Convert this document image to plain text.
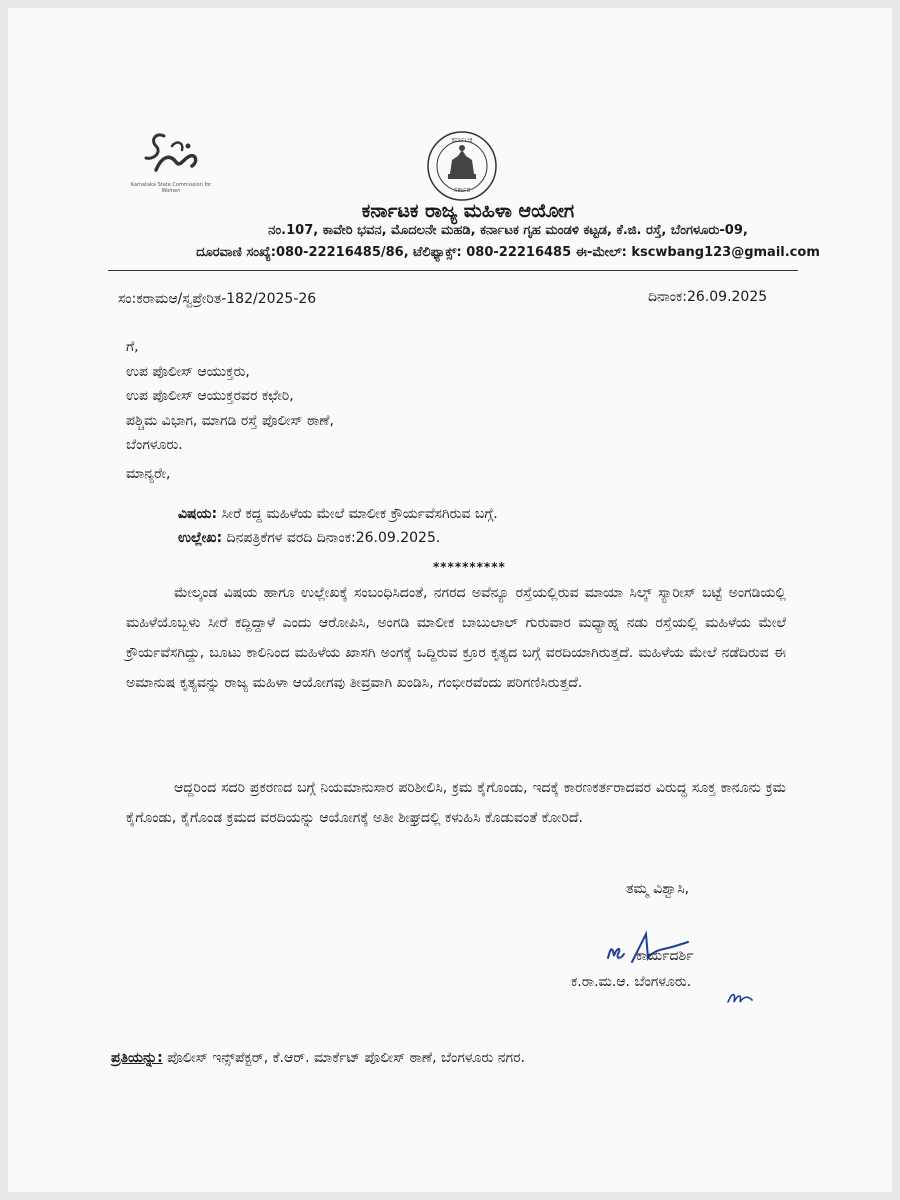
Karnataka State Commission for Women
ಕರ್ನಾಟಕ
ಸರ್ಕಾರ
ಕರ್ನಾಟಕ ರಾಜ್ಯ ಮಹಿಳಾ ಆಯೋಗ
ನಂ.107, ಕಾವೇರಿ ಭವನ, ಮೊದಲನೇ ಮಹಡಿ, ಕರ್ನಾಟಕ ಗೃಹ ಮಂಡಳಿ ಕಟ್ಟಡ, ಕೆ.ಜಿ. ರಸ್ತೆ, ಬೆಂಗಳೂರು-09,
ದೂರವಾಣಿ ಸಂಖ್ಯೆ:080-22216485/86, ಟೆಲಿಫ್ಯಾಕ್ಸ್: 080-22216485 ಈ-ಮೇಲ್: kscwbang123@gmail.com
ಸಂ:ಕರಾಮಆ/ಸ್ವಪ್ರೇರಿತ-182/2025-26	ದಿನಾಂಕ:26.09.2025
ಗೆ,
ಉಪ ಪೊಲೀಸ್ ಆಯುಕ್ತರು,
ಉಪ ಪೊಲೀಸ್ ಆಯುಕ್ತರವರ ಕಛೇರಿ,
ಪಶ್ಚಿಮ ವಿಭಾಗ, ಮಾಗಡಿ ರಸ್ತೆ ಪೊಲೀಸ್ ಠಾಣೆ,
ಬೆಂಗಳೂರು.
ಮಾನ್ಯರೇ,
ವಿಷಯ: ಸೀರೆ ಕದ್ದ ಮಹಿಳೆಯ ಮೇಲೆ ಮಾಲೀಕ ಕ್ರೌರ್ಯವೆಸಗಿರುವ ಬಗ್ಗೆ.
ಉಲ್ಲೇಖ: ದಿನಪತ್ರಿಕೆಗಳ ವರದಿ ದಿನಾಂಕ:26.09.2025.
**********

ಮೇಲ್ಕಂಡ ವಿಷಯ ಹಾಗೂ ಉಲ್ಲೇಖಕ್ಕೆ ಸಂಬಂಧಿಸಿದಂತೆ, ನಗರದ ಅವೆನ್ಯೂ ರಸ್ತೆಯಲ್ಲಿರುವ ಮಾಯಾ ಸಿಲ್ಕ್ ಸ್ಯಾರೀಸ್ ಬಟ್ಟೆ ಅಂಗಡಿಯಲ್ಲಿ ಮಹಿಳೆಯೊಬ್ಬಳು ಸೀರೆ ಕದ್ದಿದ್ದಾಳೆ ಎಂದು ಆರೋಪಿಸಿ, ಅಂಗಡಿ ಮಾಲೀಕ ಬಾಬುಲಾಲ್ ಗುರುವಾರ ಮಧ್ಯಾಹ್ನ ನಡು ರಸ್ತೆಯಲ್ಲಿ ಮಹಿಳೆಯ ಮೇಲೆ ಕ್ರೌರ್ಯವೆಸಗಿದ್ದು, ಬೂಟು ಕಾಲಿನಿಂದ ಮಹಿಳೆಯ ಖಾಸಗಿ ಅಂಗಕ್ಕೆ ಒದ್ದಿರುವ ಕ್ರೂರ ಕೃತ್ಯದ ಬಗ್ಗೆ ವರದಿಯಾಗಿರುತ್ತದೆ. ಮಹಿಳೆಯ ಮೇಲೆ ನಡೆದಿರುವ ಈ ಅಮಾನುಷ ಕೃತ್ಯವನ್ನು ರಾಜ್ಯ ಮಹಿಳಾ ಆಯೋಗವು ತೀವ್ರವಾಗಿ ಖಂಡಿಸಿ, ಗಂಭೀರವೆಂದು ಪರಿಗಣಿಸಿರುತ್ತದೆ.

ಆದ್ದರಿಂದ ಸದರಿ ಪ್ರಕರಣದ ಬಗ್ಗೆ ನಿಯಮಾನುಸಾರ ಪರಿಶೀಲಿಸಿ, ಕ್ರಮ ಕೈಗೊಂಡು, ಇದಕ್ಕೆ ಕಾರಣಕರ್ತರಾದವರ ವಿರುದ್ಧ ಸೂಕ್ತ ಕಾನೂನು ಕ್ರಮ ಕೈಗೊಂಡು, ಕೈಗೊಂಡ ಕ್ರಮದ ವರದಿಯನ್ನು ಆಯೋಗಕ್ಕೆ ಅತೀ ಶೀಘ್ರದಲ್ಲಿ ಕಳುಹಿಸಿ ಕೊಡುವಂತೆ ಕೋರಿದೆ.

ತಮ್ಮ ವಿಶ್ವಾಸಿ,
ಕಾರ್ಯದರ್ಶಿ
ಕ.ರಾ.ಮ.ಆ. ಬೆಂಗಳೂರು.
ಪ್ರತಿಯನ್ನು: ಪೊಲೀಸ್ ಇನ್ಸ್‌ಪೆಕ್ಟರ್, ಕೆ.ಆರ್. ಮಾರ್ಕೆಟ್ ಪೊಲೀಸ್ ಠಾಣೆ, ಬೆಂಗಳೂರು ನಗರ.
